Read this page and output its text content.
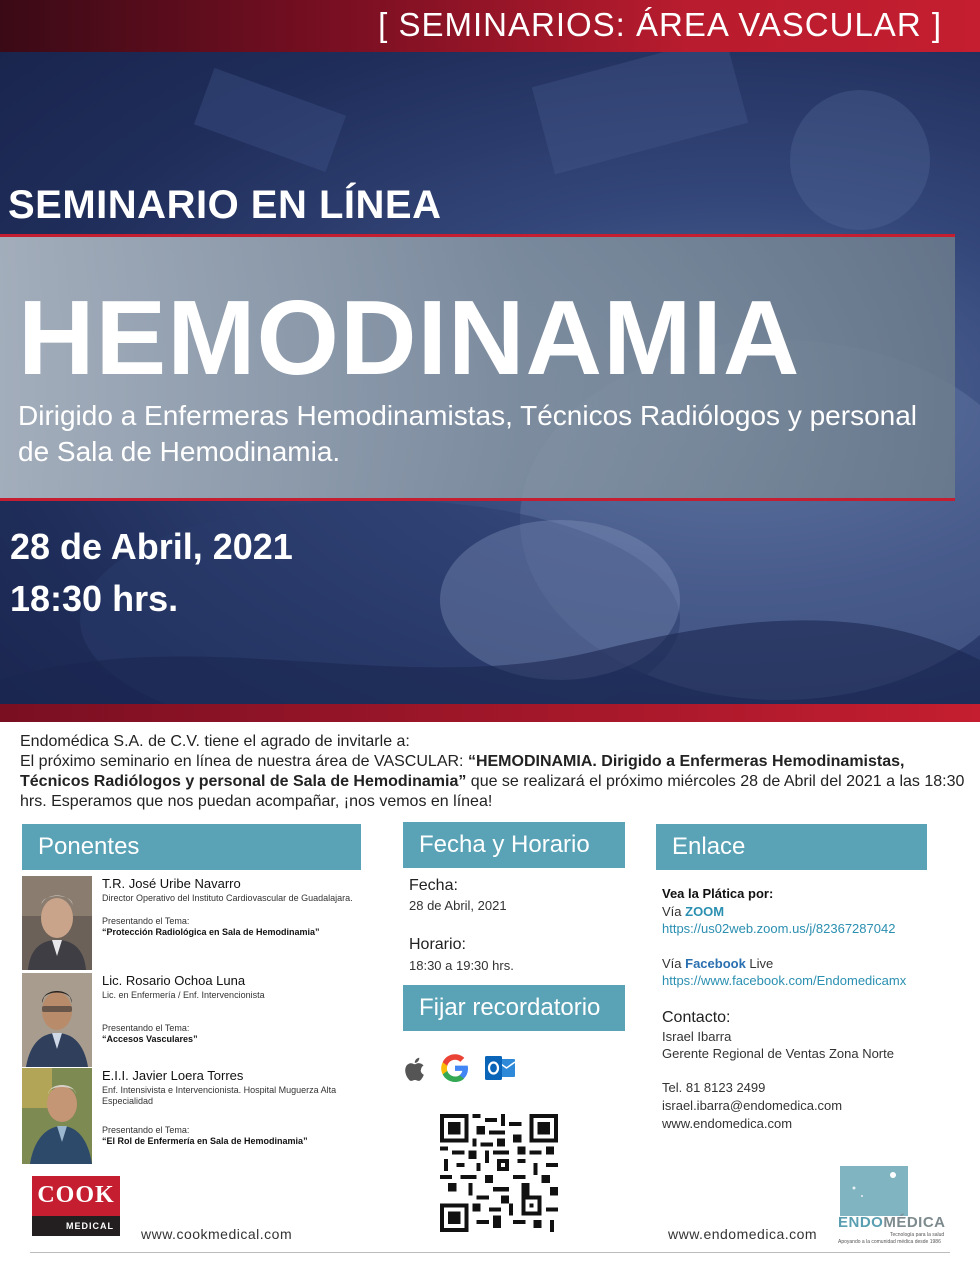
[ SEMINARIOS: ÁREA VASCULAR ]
SEMINARIO EN LÍNEA
HEMODINAMIA
Dirigido a Enfermeras Hemodinamistas, Técnicos Radiólogos y personal de Sala de Hemodinamia.
28 de Abril, 2021
18:30 hrs.
Endomédica S.A. de C.V. tiene el agrado de invitarle a:
El próximo seminario en línea de nuestra área de VASCULAR: “HEMODINAMIA. Dirigido a Enfermeras Hemodinamistas, Técnicos Radiólogos y personal de Sala de Hemodinamia” que se realizará el próximo miércoles 28 de Abril del 2021 a las 18:30 hrs. Esperamos que nos puedan acompañar, ¡nos vemos en línea!
Ponentes
T.R. José Uribe Navarro
Director Operativo del Instituto Cardiovascular de Guadalajara.
Presentando el Tema:
“Protección Radiológica en Sala de Hemodinamia”
Lic. Rosario Ochoa Luna
Lic. en Enfermería / Enf. Intervencionista
Presentando el Tema:
“Accesos Vasculares”
E.I.I. Javier Loera Torres
Enf. Intensivista e Intervencionista. Hospital Muguerza Alta Especialidad
Presentando el Tema:
“El Rol de Enfermería en Sala de Hemodinamia”
Fecha y Horario
Fecha:
28 de Abril, 2021
Horario:
18:30 a 19:30 hrs.
Fijar recordatorio
Enlace
Vea la Plática por:
Vía ZOOM
https://us02web.zoom.us/j/82367287042
Vía Facebook Live
https://www.facebook.com/Endomedicamx
Contacto:
Israel Ibarra
Gerente Regional de Ventas Zona Norte
Tel. 81 8123 2499
israel.ibarra@endomedica.com
www.endomedica.com
COOK
MEDICAL	www.cookmedical.com	www.endomedica.com
ENDOMÉDICA
Tecnología para la salud
Apoyando a la comunidad médica desde 1986
